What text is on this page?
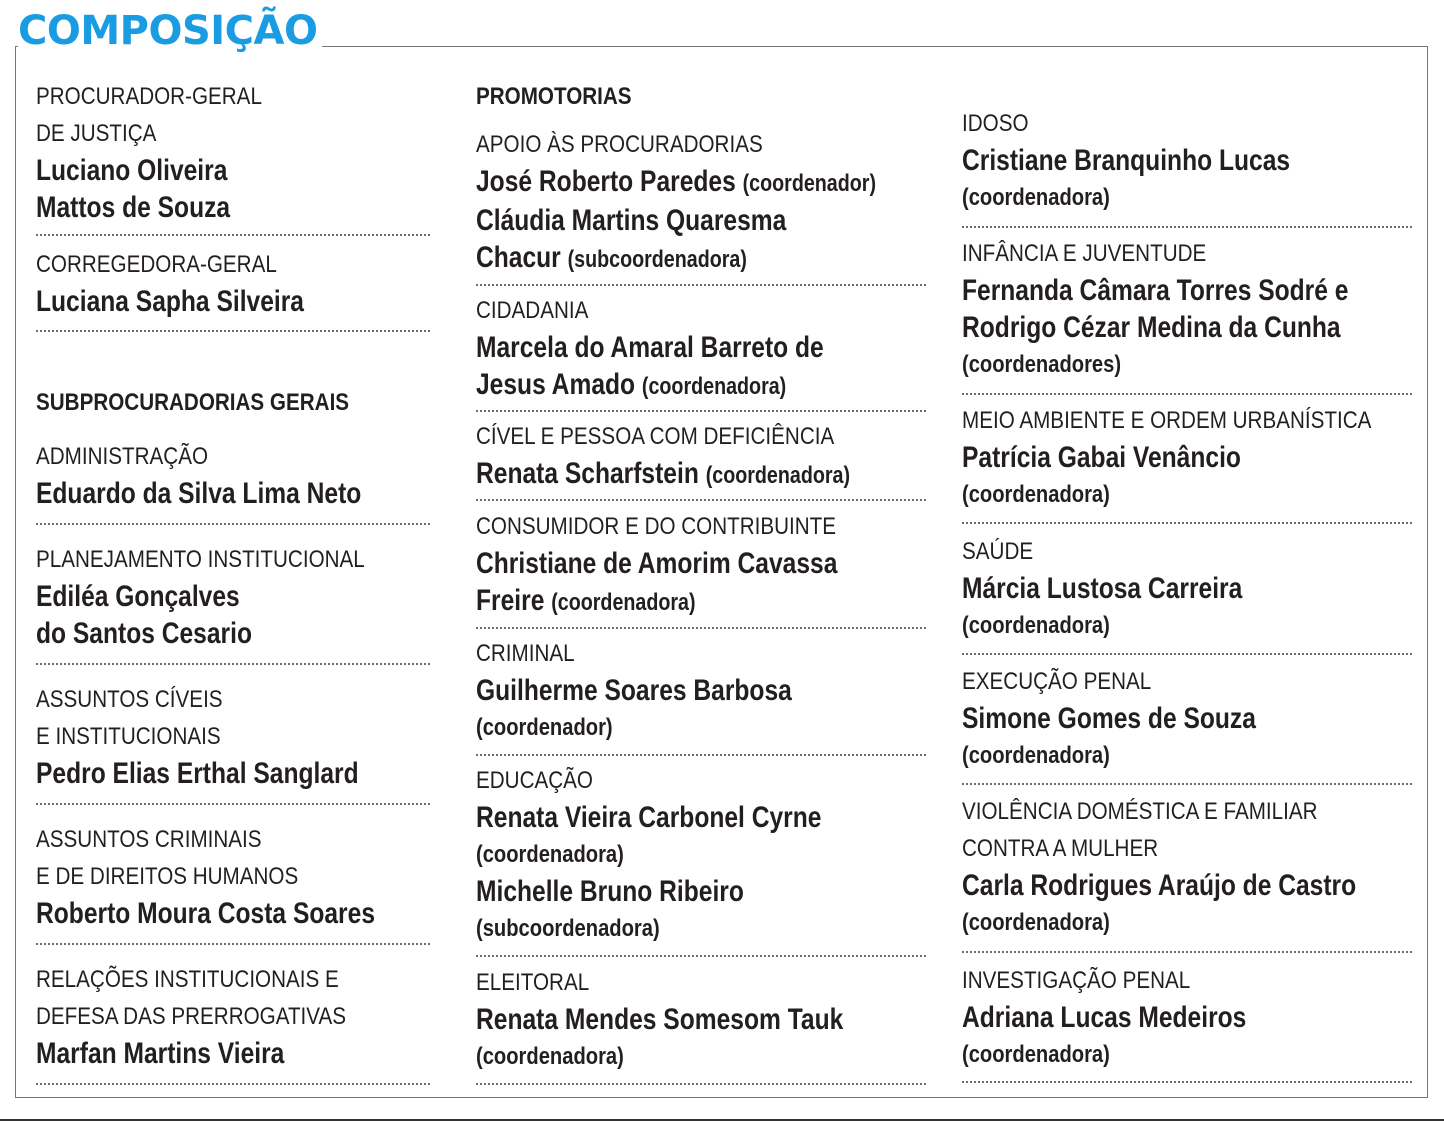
COMPOSIÇÃO

PROCURADOR-GERAL

DE JUSTIÇA

Luciano Oliveira

Mattos de Souza

CORREGEDORA-GERAL

Luciana Sapha Silveira

SUBPROCURADORIAS GERAIS

ADMINISTRAÇÃO

Eduardo da Silva Lima Neto

PLANEJAMENTO INSTITUCIONAL

Ediléa Gonçalves

do Santos Cesario

ASSUNTOS CÍVEIS

E INSTITUCIONAIS

Pedro Elias Erthal Sanglard

ASSUNTOS CRIMINAIS

E DE DIREITOS HUMANOS

Roberto Moura Costa Soares

RELAÇÕES INSTITUCIONAIS E

DEFESA DAS PRERROGATIVAS

Marfan Martins Vieira

PROMOTORIAS

APOIO ÀS PROCURADORIAS

José Roberto Paredes (coordenador)

Cláudia Martins Quaresma

Chacur (subcoordenadora)

CIDADANIA

Marcela do Amaral Barreto de

Jesus Amado (coordenadora)

CÍVEL E PESSOA COM DEFICIÊNCIA

Renata Scharfstein (coordenadora)

CONSUMIDOR E DO CONTRIBUINTE

Christiane de Amorim Cavassa

Freire (coordenadora)

CRIMINAL

Guilherme Soares Barbosa

(coordenador)

EDUCAÇÃO

Renata Vieira Carbonel Cyrne

(coordenadora)

Michelle Bruno Ribeiro

(subcoordenadora)

ELEITORAL

Renata Mendes Somesom Tauk

(coordenadora)

IDOSO

Cristiane Branquinho Lucas

(coordenadora)

INFÂNCIA E JUVENTUDE

Fernanda Câmara Torres Sodré e

Rodrigo Cézar Medina da Cunha

(coordenadores)

MEIO AMBIENTE E ORDEM URBANÍSTICA

Patrícia Gabai Venâncio

(coordenadora)

SAÚDE

Márcia Lustosa Carreira

(coordenadora)

EXECUÇÃO PENAL

Simone Gomes de Souza

(coordenadora)

VIOLÊNCIA DOMÉSTICA E FAMILIAR

CONTRA A MULHER

Carla Rodrigues Araújo de Castro

(coordenadora)

INVESTIGAÇÃO PENAL

Adriana Lucas Medeiros

(coordenadora)
